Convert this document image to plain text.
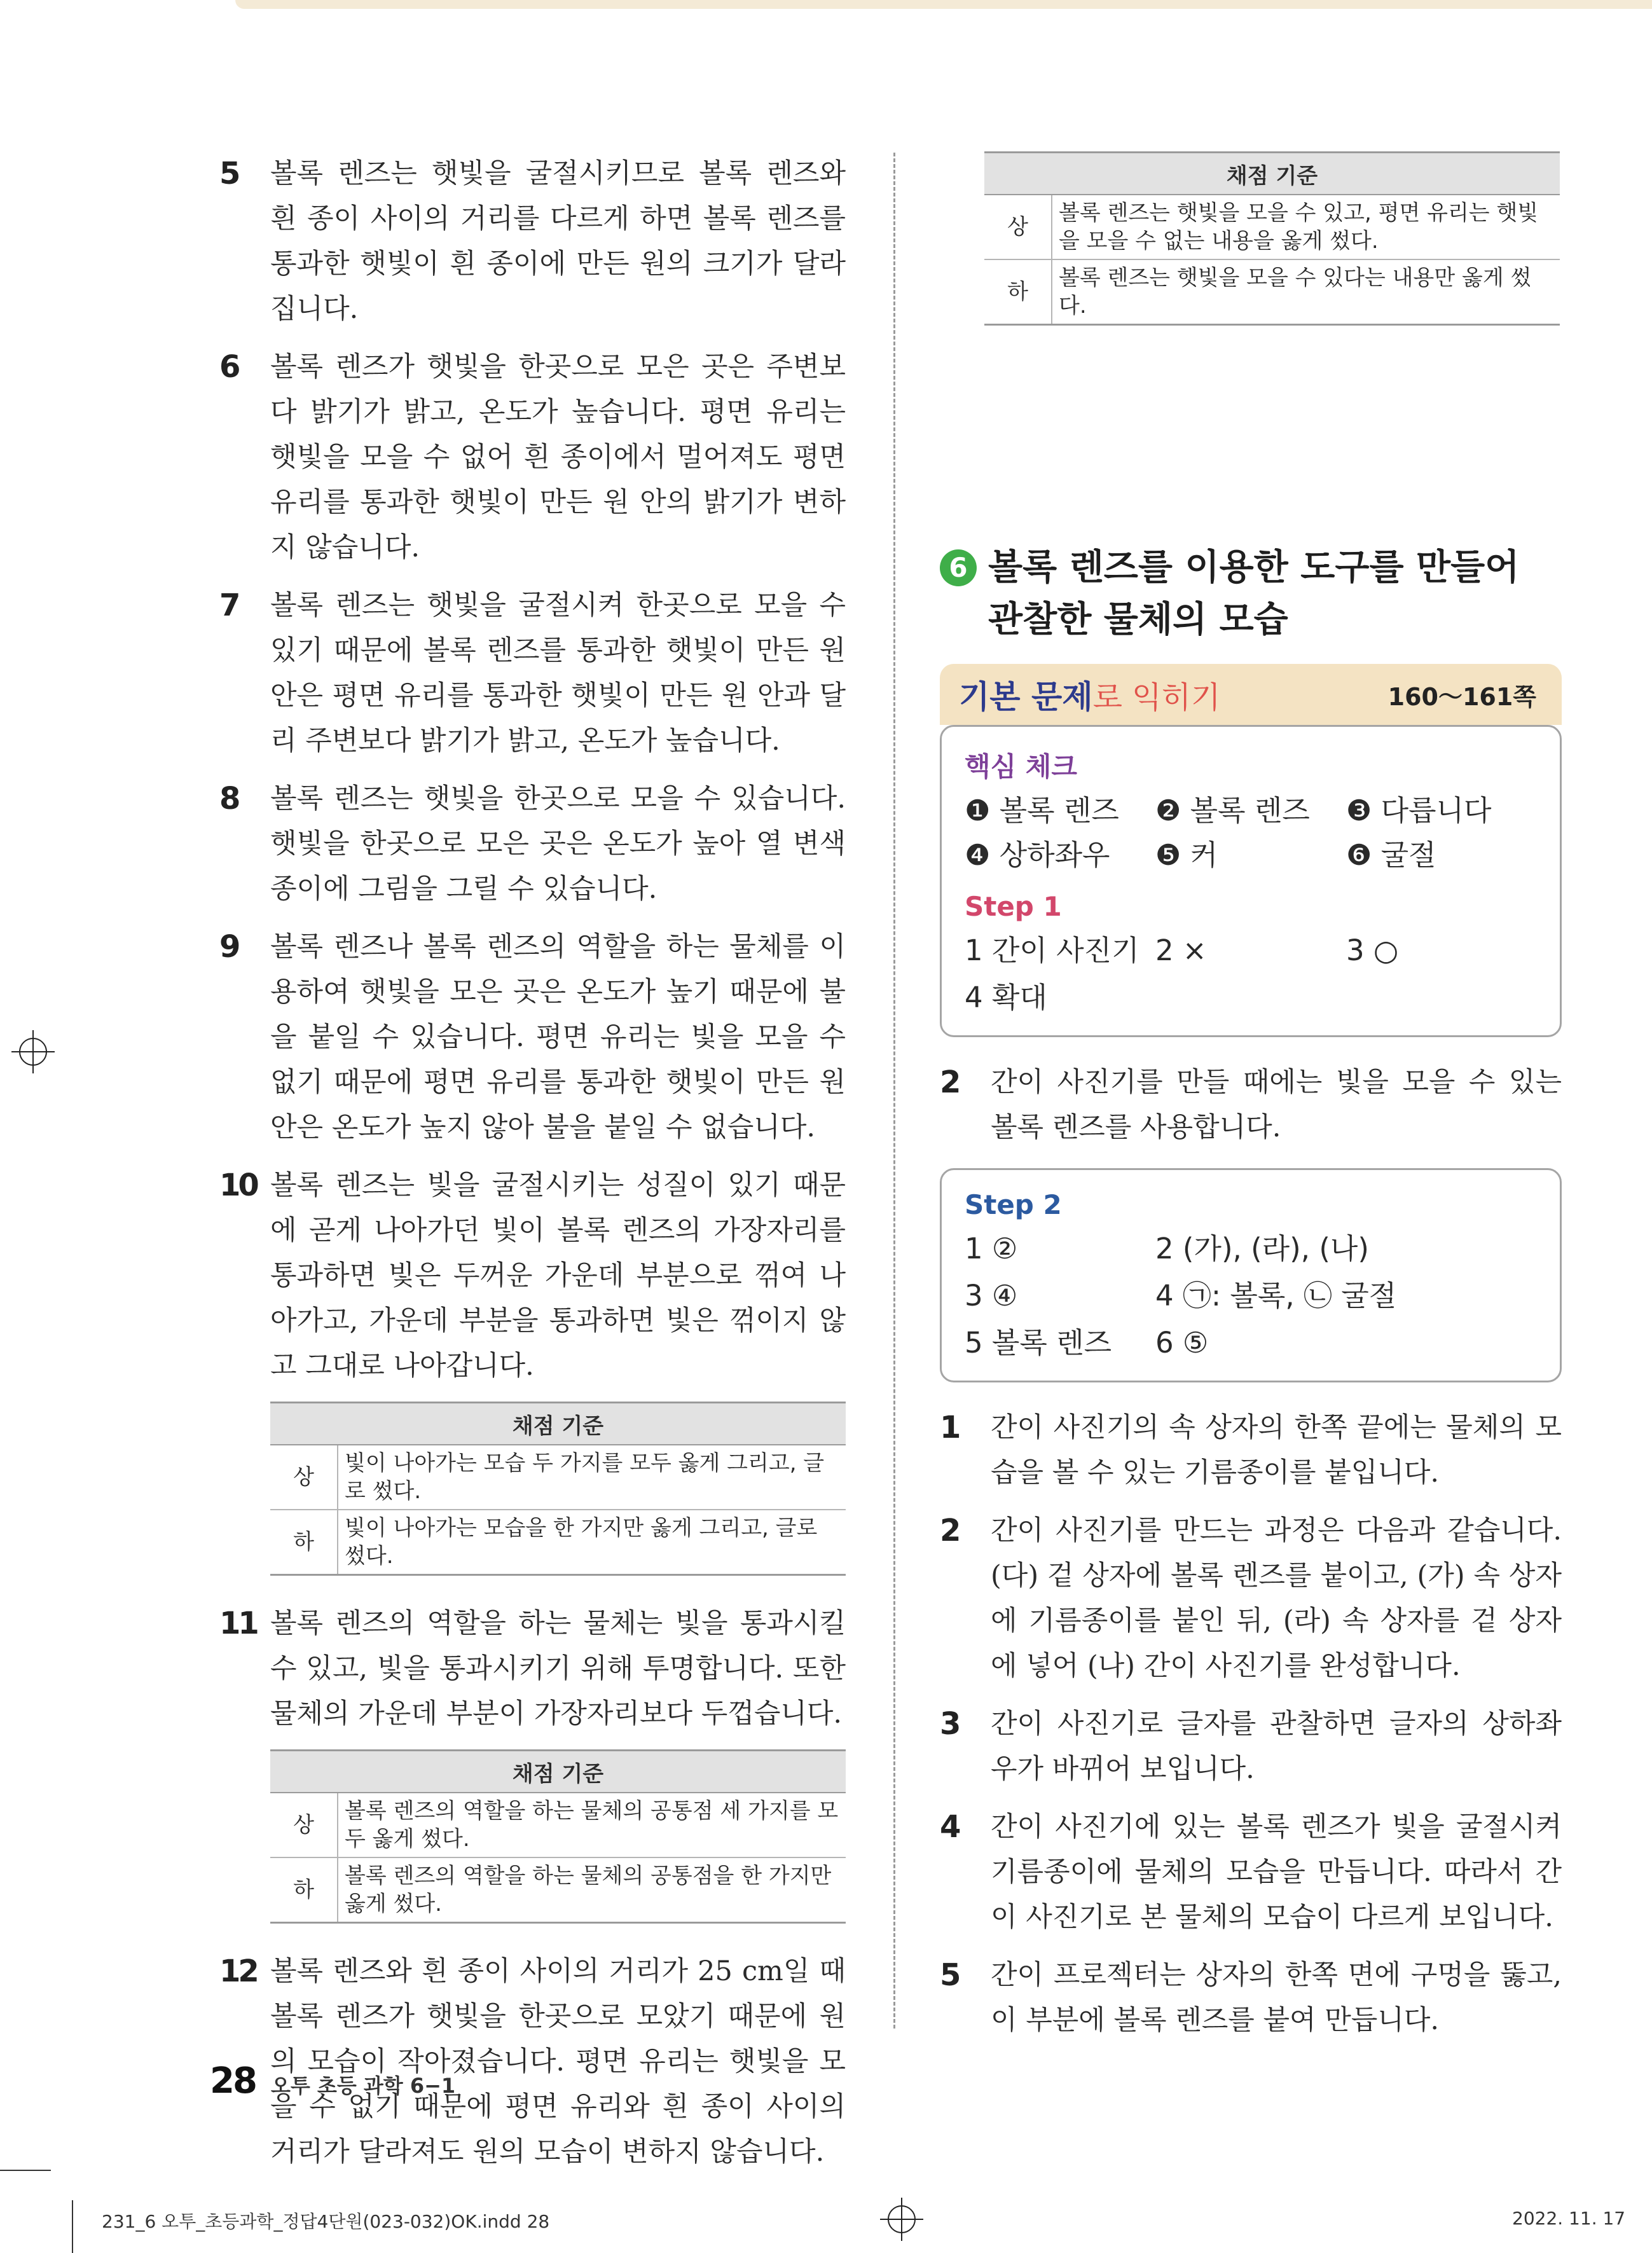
5 볼록 렌즈는 햇빛을 굴절시키므로 볼록 렌즈와 흰 종이 사이의 거리를 다르게 하면 볼록 렌즈를 통과한 햇빛이 흰 종이에 만든 원의 크기가 달라집니다.
6 볼록 렌즈가 햇빛을 한곳으로 모은 곳은 주변보다 밝기가 밝고, 온도가 높습니다. 평면 유리는 햇빛을 모을 수 없어 흰 종이에서 멀어져도 평면 유리를 통과한 햇빛이 만든 원 안의 밝기가 변하지 않습니다.
7 볼록 렌즈는 햇빛을 굴절시켜 한곳으로 모을 수 있기 때문에 볼록 렌즈를 통과한 햇빛이 만든 원 안은 평면 유리를 통과한 햇빛이 만든 원 안과 달리 주변보다 밝기가 밝고, 온도가 높습니다.
8 볼록 렌즈는 햇빛을 한곳으로 모을 수 있습니다. 햇빛을 한곳으로 모은 곳은 온도가 높아 열 변색 종이에 그림을 그릴 수 있습니다.
9 볼록 렌즈나 볼록 렌즈의 역할을 하는 물체를 이용하여 햇빛을 모은 곳은 온도가 높기 때문에 불을 붙일 수 있습니다. 평면 유리는 빛을 모을 수 없기 때문에 평면 유리를 통과한 햇빛이 만든 원 안은 온도가 높지 않아 불을 붙일 수 없습니다.
10 볼록 렌즈는 빛을 굴절시키는 성질이 있기 때문에 곧게 나아가던 빛이 볼록 렌즈의 가장자리를 통과하면 빛은 두꺼운 가운데 부분으로 꺾여 나아가고, 가운데 부분을 통과하면 빛은 꺾이지 않고 그대로 나아갑니다.
채점 기준	
상	빛이 나아가는 모습 두 가지를 모두 옳게 그리고, 글로 썼다.
하	빛이 나아가는 모습을 한 가지만 옳게 그리고, 글로 썼다.
11 볼록 렌즈의 역할을 하는 물체는 빛을 통과시킬 수 있고, 빛을 통과시키기 위해 투명합니다. 또한 물체의 가운데 부분이 가장자리보다 두껍습니다.
채점 기준	
상	볼록 렌즈의 역할을 하는 물체의 공통점 세 가지를 모두 옳게 썼다.
하	볼록 렌즈의 역할을 하는 물체의 공통점을 한 가지만 옳게 썼다.
12 볼록 렌즈와 흰 종이 사이의 거리가 25 cm일 때 볼록 렌즈가 햇빛을 한곳으로 모았기 때문에 원의 모습이 작아졌습니다. 평면 유리는 햇빛을 모을 수 없기 때문에 평면 유리와 흰 종이 사이의 거리가 달라져도 원의 모습이 변하지 않습니다.
채점 기준	
상	볼록 렌즈는 햇빛을 모을 수 있고, 평면 유리는 햇빛을 모을 수 없는 내용을 옳게 썼다.
하	볼록 렌즈는 햇빛을 모을 수 있다는 내용만 옳게 썼다.
6 볼록 렌즈를 이용한 도구를 만들어 관찰한 물체의 모습
기본 문제로 익히기	160～161쪽
핵심 체크
❶ 볼록 렌즈	❷ 볼록 렌즈	❸ 다릅니다
❹ 상하좌우	❺ 커	❻ 굴절
Step 1
1 간이 사진기 2 ×	3 ○
4 확대
2 간이 사진기를 만들 때에는 빛을 모을 수 있는 볼록 렌즈를 사용합니다.
Step 2
1 ②	2 (가), (라), (나)
3 ④	4 ㉠: 볼록, ㉡ 굴절
5 볼록 렌즈	6 ⑤
1 간이 사진기의 속 상자의 한쪽 끝에는 물체의 모습을 볼 수 있는 기름종이를 붙입니다.
2 간이 사진기를 만드는 과정은 다음과 같습니다. (다) 겉 상자에 볼록 렌즈를 붙이고, (가) 속 상자에 기름종이를 붙인 뒤, (라) 속 상자를 겉 상자에 넣어 (나) 간이 사진기를 완성합니다.
3 간이 사진기로 글자를 관찰하면 글자의 상하좌우가 바뀌어 보입니다.
4 간이 사진기에 있는 볼록 렌즈가 빛을 굴절시켜 기름종이에 물체의 모습을 만듭니다. 따라서 간이 사진기로 본 물체의 모습이 다르게 보입니다.
5 간이 프로젝터는 상자의 한쪽 면에 구멍을 뚫고, 이 부분에 볼록 렌즈를 붙여 만듭니다.
28 오투 초등 과학 6−1
231_6 오투_초등과학_정답4단원(023-032)OK.indd 28	2022. 11. 17
